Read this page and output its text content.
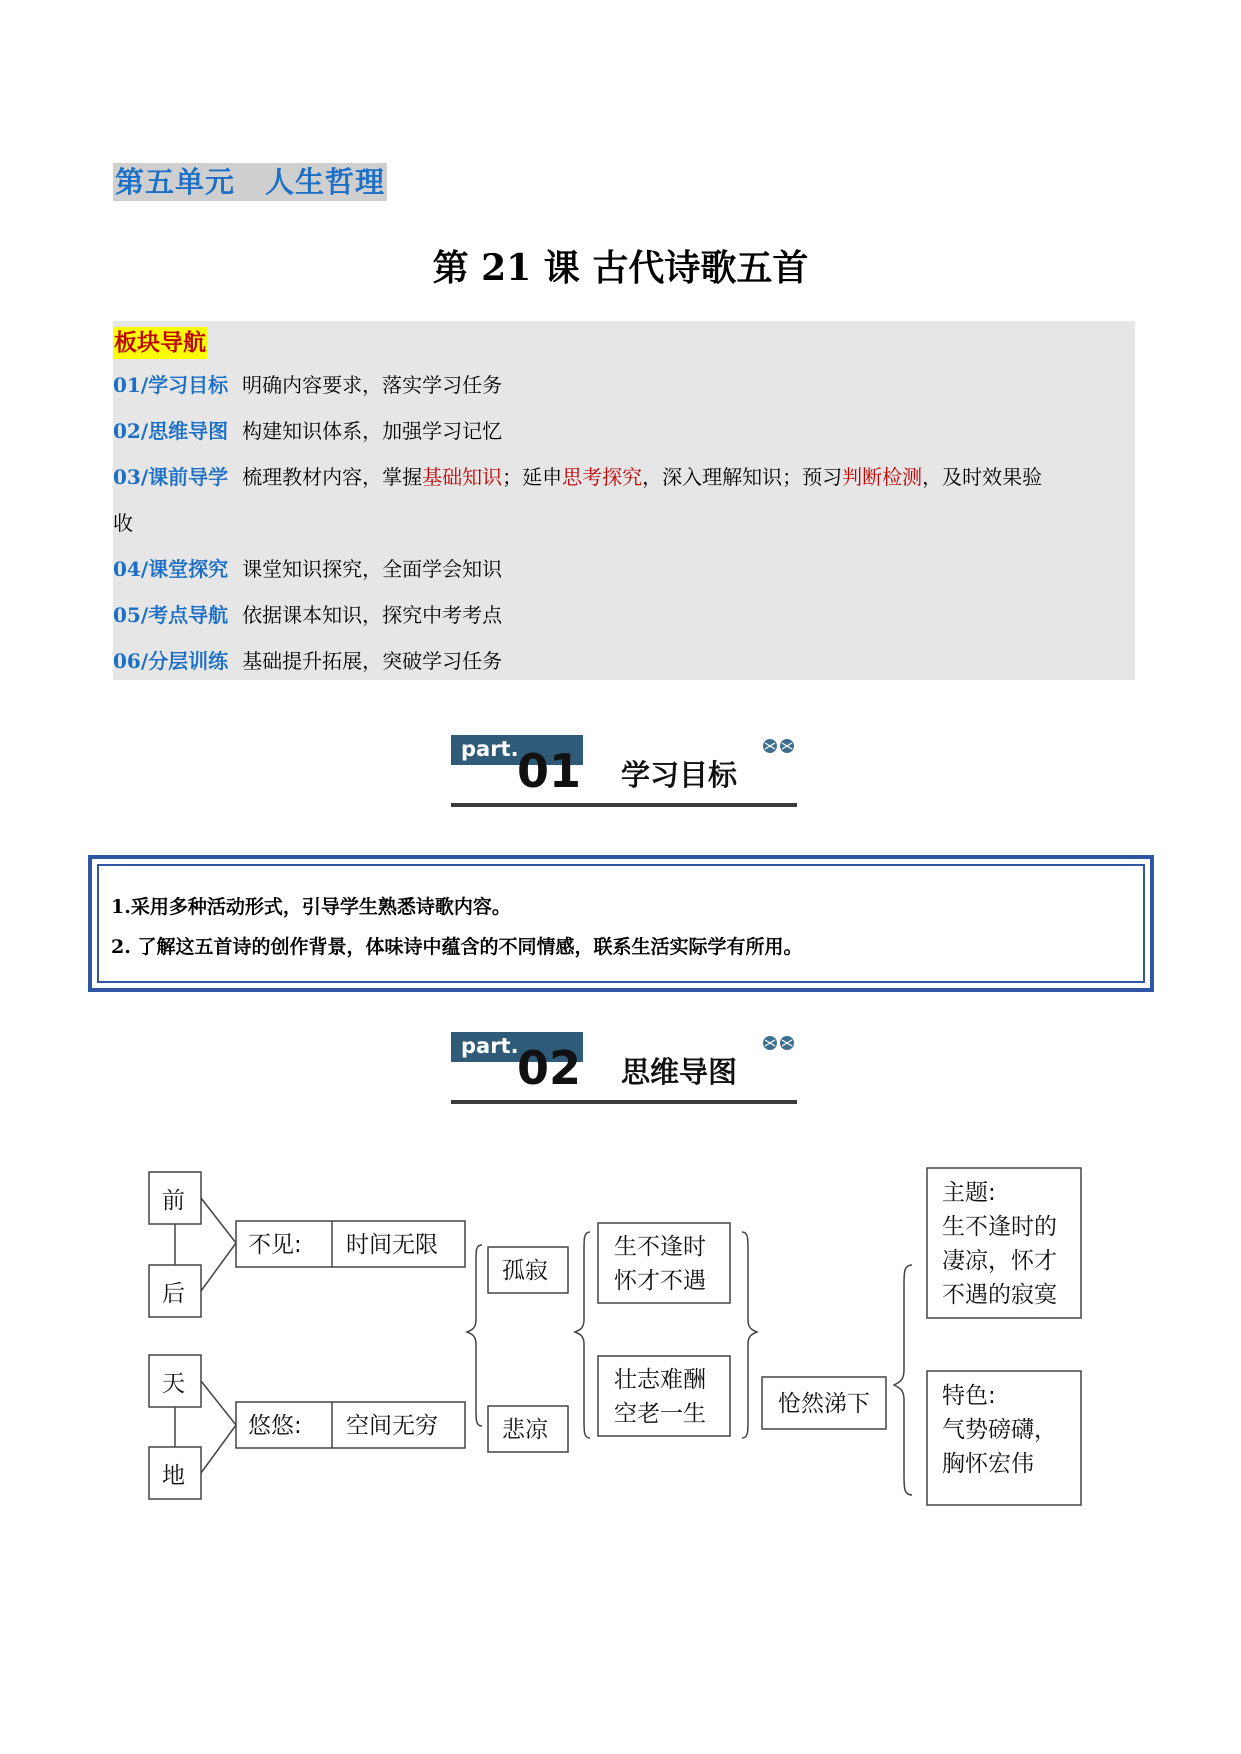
第五单元　人生哲理
第 21 课 古代诗歌五首
板块导航
01/学习目标 明确内容要求，落实学习任务
02/思维导图 构建知识体系，加强学习记忆
03/课前导学 梳理教材内容，掌握基础知识；延申思考探究，深入理解知识；预习判断检测，及时效果验
收
04/课堂探究 课堂知识探究，全面学会知识
05/考点导航 依据课本知识，探究中考考点
06/分层训练 基础提升拓展，突破学习任务
part.
01 学习目标
1.采用多种活动形式，引导学生熟悉诗歌内容。
2. 了解这五首诗的创作背景，体味诗中蕴含的不同情感，联系生活实际学有所用。
part.
02 思维导图
前
后
天
地
不见: 时间无限
悠悠: 空间无穷
孤寂
悲凉
生不逢时
怀才不遇
壮志难酬
空老一生	怆然涕下
主题:
生不逢时的
凄凉，怀才
不遇的寂寞
特色:
气势磅礴，
胸怀宏伟
